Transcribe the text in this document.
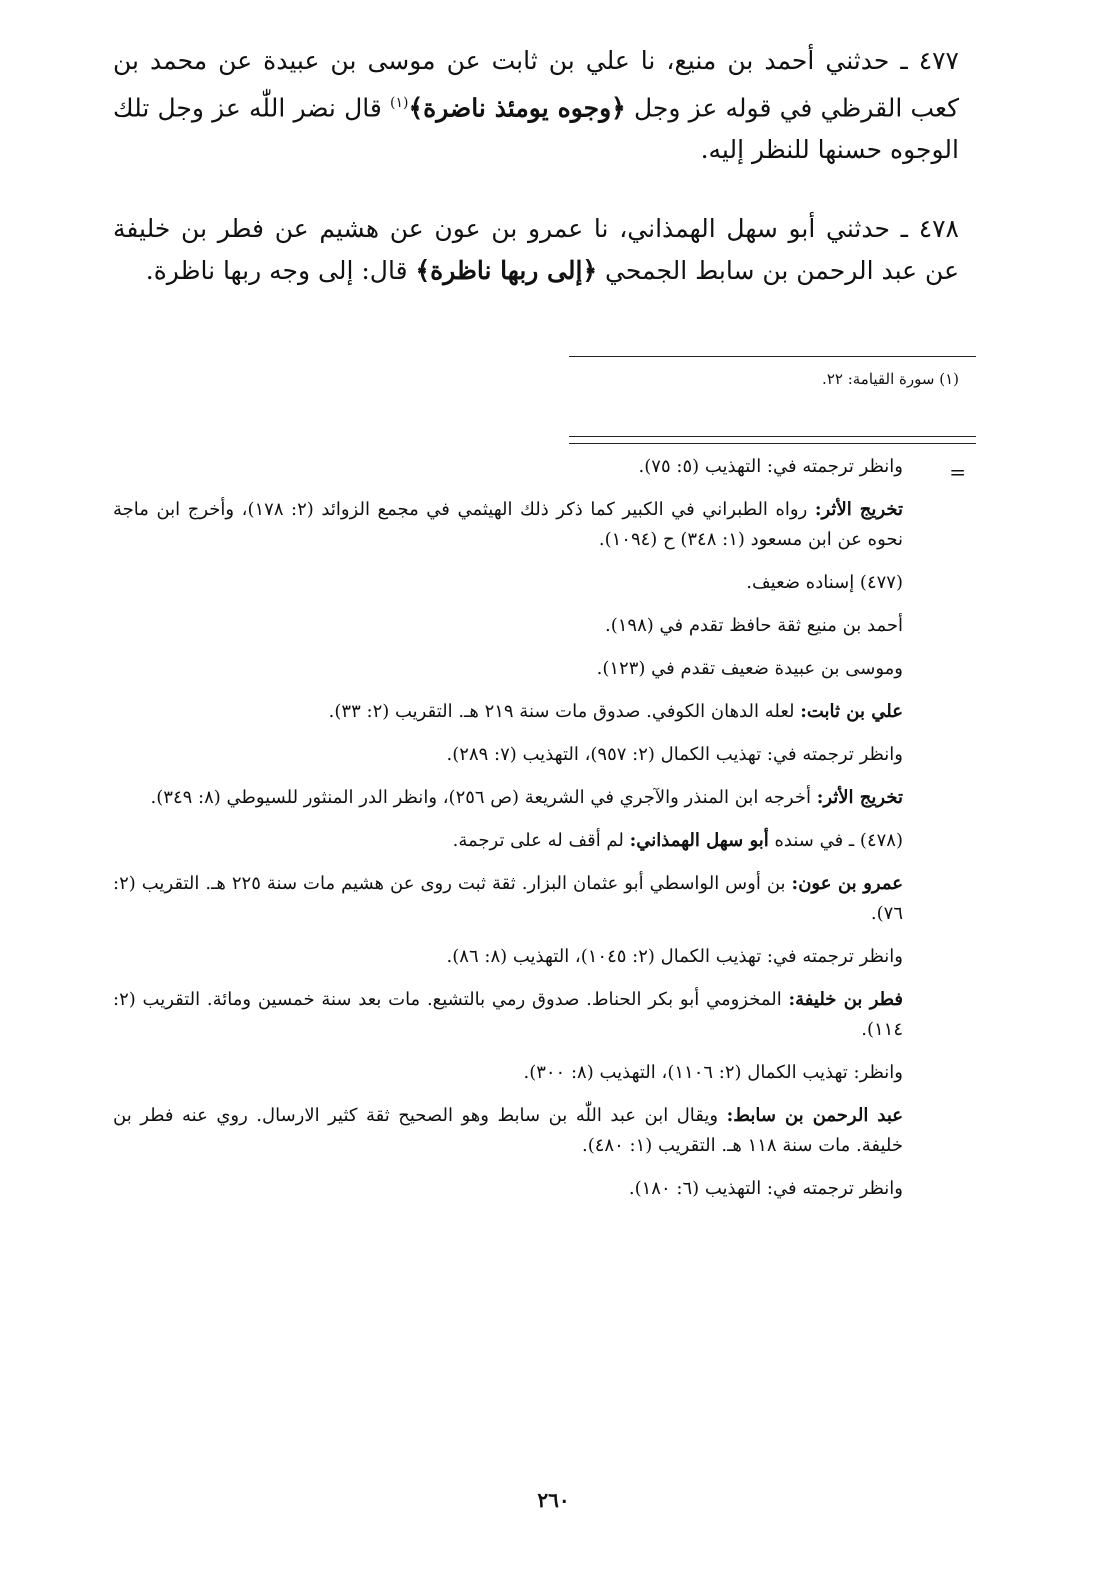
٤٧٧ ـ حدثني أحمد بن منيع، نا علي بن ثابت عن موسى بن عبيدة عن محمد بن كعب القرظي في قوله عز وجل ﴿وجوه يومئذ ناضرة﴾$^{(١)}$ قال نضر اللّٰه عز وجل تلك الوجوه حسنها للنظر إليه.

٤٧٨ ـ حدثني أبو سهل الهمذاني، نا عمرو بن عون عن هشيم عن فطر بن خليفة عن عبد الرحمن بن سابط الجمحي ﴿إلى ربها ناظرة﴾ قال: إلى وجه ربها ناظرة.

(١) سورة القيامة: ٢٢.
=

وانظر ترجمته في: التهذيب (٥: ٧٥).

تخريج الأثر: رواه الطبراني في الكبير كما ذكر ذلك الهيثمي في مجمع الزوائد (٢: ١٧٨)، وأخرج ابن ماجة نحوه عن ابن مسعود (١: ٣٤٨) ح (١٠٩٤).

(٤٧٧) إسناده ضعيف.

أحمد بن منيع ثقة حافظ تقدم في (١٩٨).

وموسى بن عبيدة ضعيف تقدم في (١٢٣).

علي بن ثابت: لعله الدهان الكوفي. صدوق مات سنة ٢١٩ هـ. التقريب (٢: ٣٣).

وانظر ترجمته في: تهذيب الكمال (٢: ٩٥٧)، التهذيب (٧: ٢٨٩).

تخريج الأثر: أخرجه ابن المنذر والآجري في الشريعة (ص ٢٥٦)، وانظر الدر المنثور للسيوطي (٨: ٣٤٩).

(٤٧٨) ـ في سنده أبو سهل الهمذاني: لم أقف له على ترجمة.

عمرو بن عون: بن أوس الواسطي أبو عثمان البزار. ثقة ثبت روى عن هشيم مات سنة ٢٢٥ هـ. التقريب (٢: ٧٦).

وانظر ترجمته في: تهذيب الكمال (٢: ١٠٤٥)، التهذيب (٨: ٨٦).

فطر بن خليفة: المخزومي أبو بكر الحناط. صدوق رمي بالتشيع. مات بعد سنة خمسين ومائة. التقريب (٢: ١١٤).

وانظر: تهذيب الكمال (٢: ١١٠٦)، التهذيب (٨: ٣٠٠).

عبد الرحمن بن سابط: ويقال ابن عبد اللّٰه بن سابط وهو الصحيح ثقة كثير الارسال. روي عنه فطر بن خليفة. مات سنة ١١٨ هـ. التقريب (١: ٤٨٠).

وانظر ترجمته في: التهذيب (٦: ١٨٠).

٢٦٠
